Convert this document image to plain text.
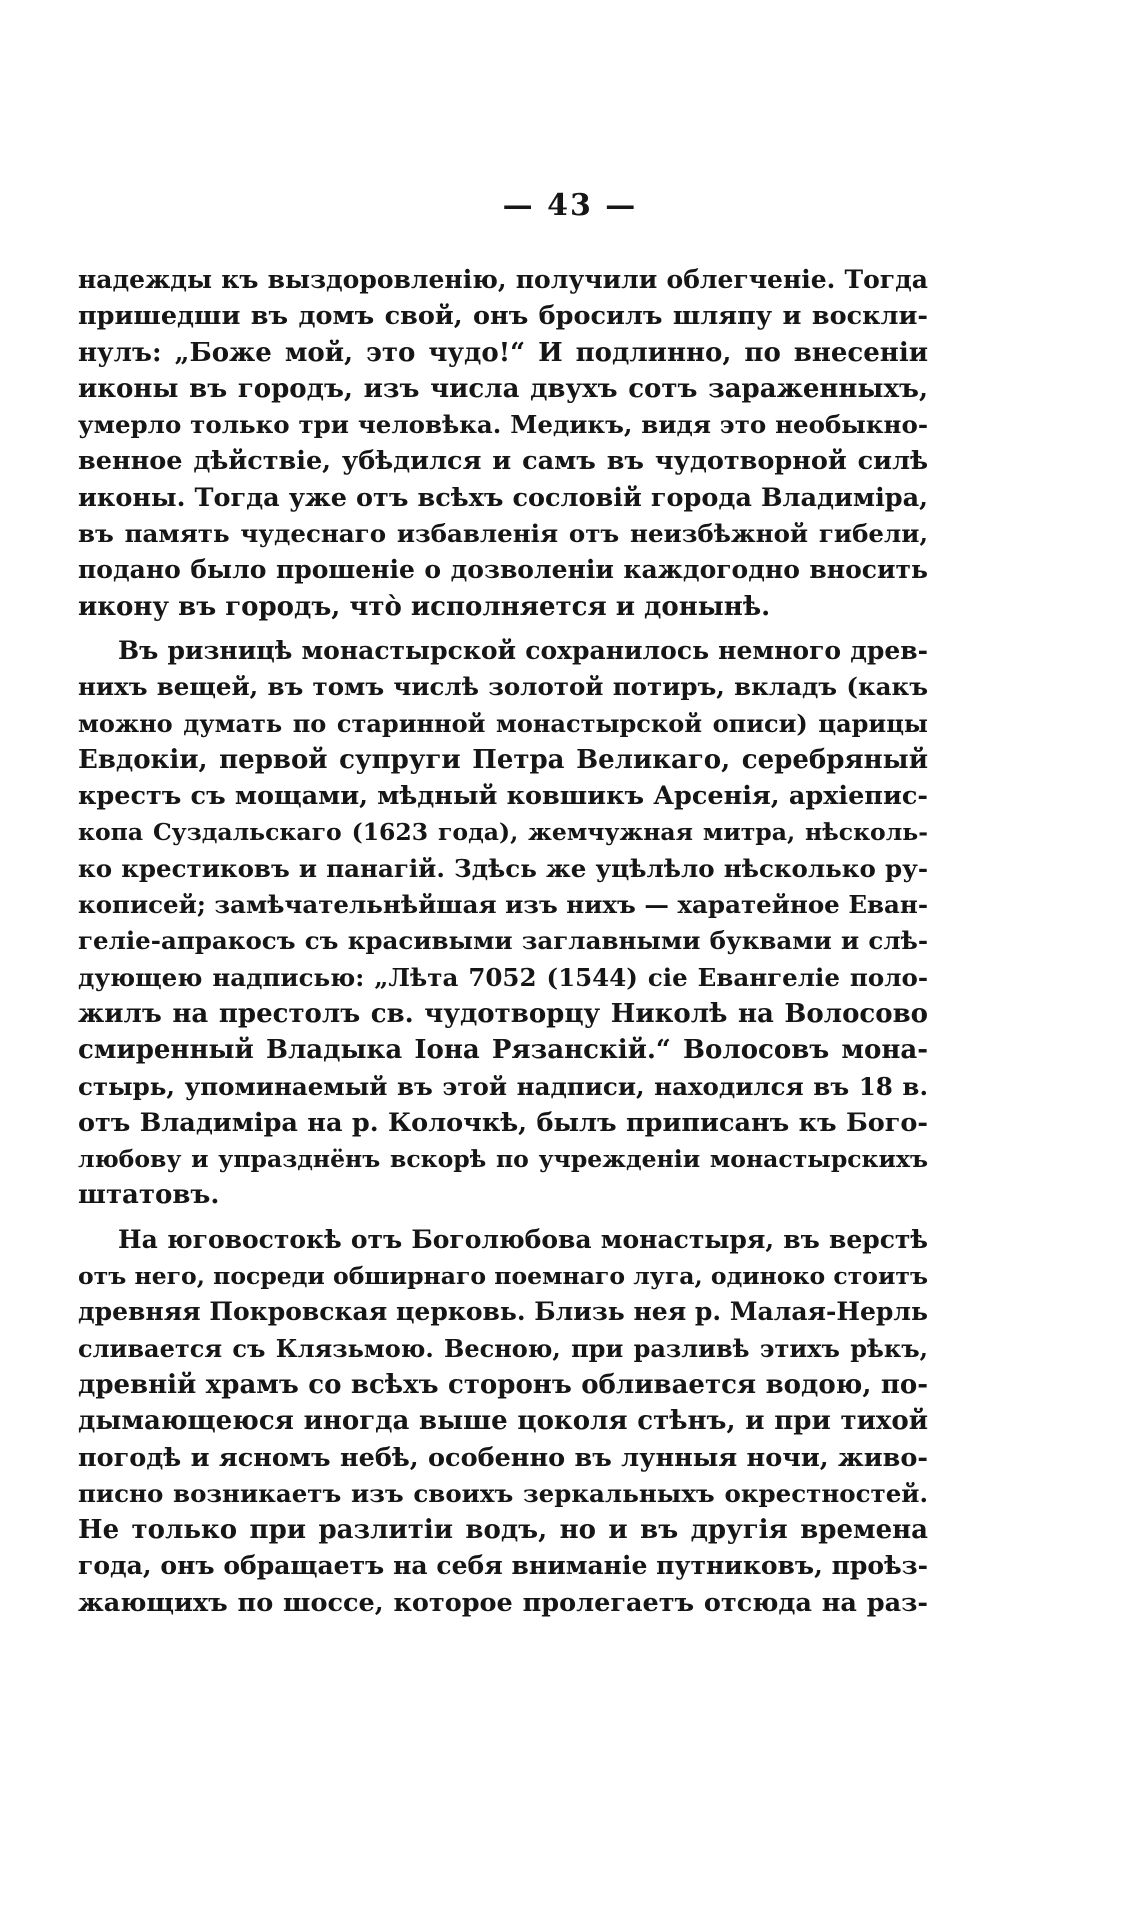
— 43 —
надежды къ выздоровленію, получили облегченіе. Тогда
пришедши въ домъ свой, онъ бросилъ шляпу и воскли-
нулъ: „Боже мой, это чудо!“ И подлинно, по внесеніи
иконы въ городъ, изъ числа двухъ сотъ зараженныхъ,
умерло только три человѣка. Медикъ, видя это необыкно-
венное дѣйствіе, убѣдился и самъ въ чудотворной силѣ
иконы. Тогда уже отъ всѣхъ сословій города Владиміра,
въ память чудеснаго избавленія отъ неизбѣжной гибели,
подано было прошеніе о дозволеніи каждогодно вносить
икону въ городъ, что̀ исполняется и донынѣ.
Въ ризницѣ монастырской сохранилось немного древ-
нихъ вещей, въ томъ числѣ золотой потиръ, вкладъ (какъ
можно думать по старинной монастырской описи) царицы
Евдокіи, первой супруги Петра Великаго, серебряный
крестъ съ мощами, мѣдный ковшикъ Арсенія, архіепис-
копа Суздальскаго (1623 года), жемчужная митра, нѣсколь-
ко крестиковъ и панагій. Здѣсь же уцѣлѣло нѣсколько ру-
кописей; замѣчательнѣйшая изъ нихъ — харатейное Еван-
геліе-апракосъ съ красивыми заглавными буквами и слѣ-
дующею надписью: „Лѣта 7052 (1544) сіе Евангеліе поло-
жилъ на престолъ св. чудотворцу Николѣ на Волосово
смиренный Владыка Іона Рязанскій.“ Волосовъ мона-
стырь, упоминаемый въ этой надписи, находился въ 18 в.
отъ Владиміра на р. Колочкѣ, былъ приписанъ къ Бого-
любову и упразднёнъ вскорѣ по учрежденіи монастырскихъ
штатовъ.
На юговостокѣ отъ Боголюбова монастыря, въ верстѣ
отъ него, посреди обширнаго поемнаго луга, одиноко стоитъ
древняя Покровская церковь. Близь нея р. Малая-Нерль
сливается съ Клязьмою. Весною, при разливѣ этихъ рѣкъ,
древній храмъ со всѣхъ сторонъ обливается водою, по-
дымающеюся иногда выше цоколя стѣнъ, и при тихой
погодѣ и ясномъ небѣ, особенно въ лунныя ночи, живо-
писно возникаетъ изъ своихъ зеркальныхъ окрестностей.
Не только при разлитіи водъ, но и въ другія времена
года, онъ обращаетъ на себя вниманіе путниковъ, проѣз-
жающихъ по шоссе, которое пролегаетъ отсюда на раз-
